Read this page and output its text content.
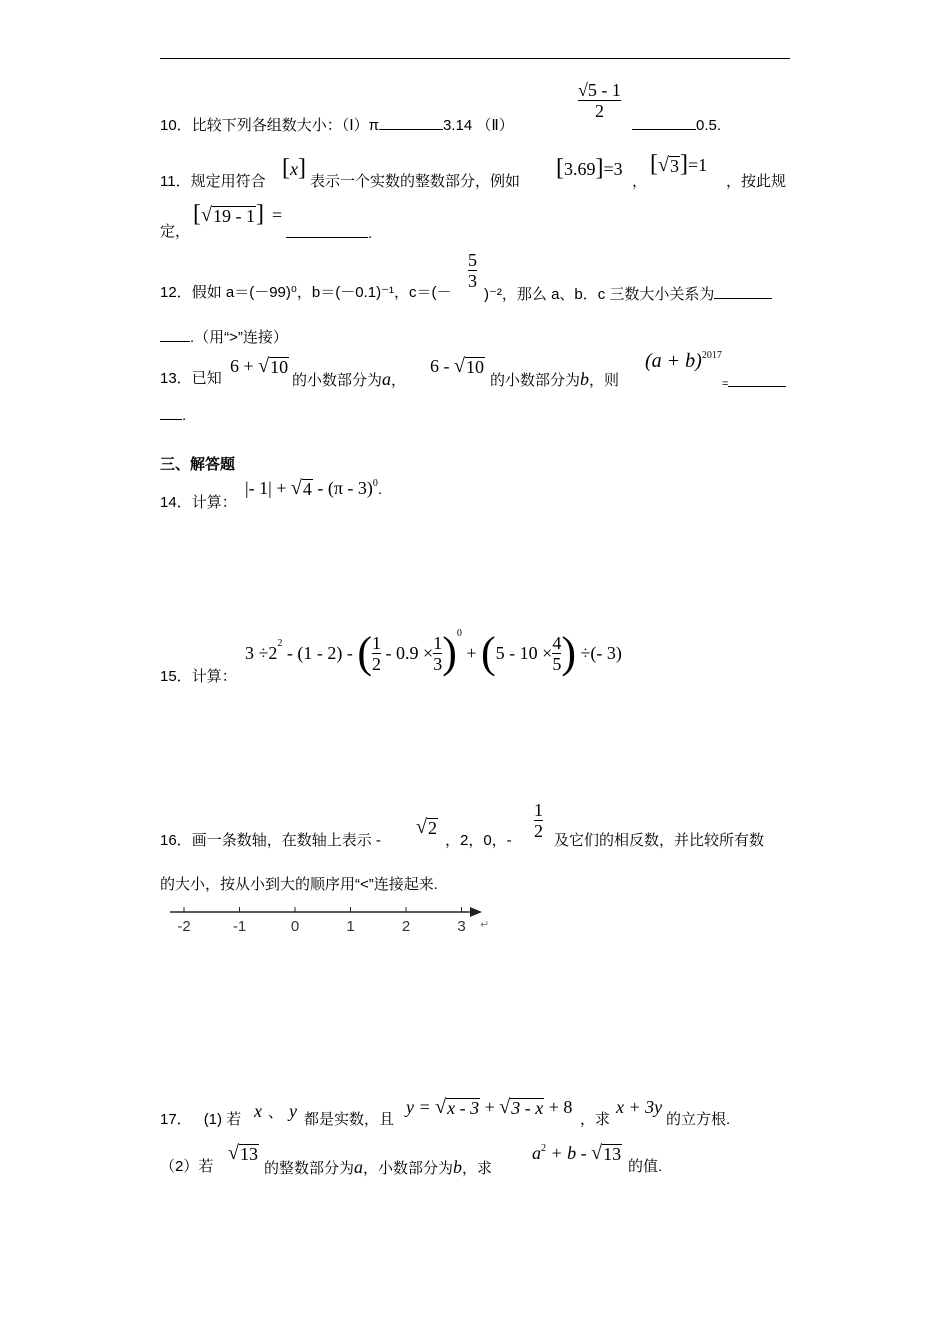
10．比较下列各组数大小：（Ⅰ）π	3.14 （Ⅱ）
√5 - 1
2
0.5.
11．规定用符合
[x]
表示一个实数的整数部分，例如
[3.69]=3
，
[ √ 3 ]=1
，按此规
定，
[ √ 19 - 1 ] =
.
5
3
12．假如 a＝(－99)⁰，b＝(－0.1)⁻¹，c＝(－ )⁻²，那么 a、b．c 三数大小关系为
.（用“>”连接）
13．已知
6 + √ 10
的小数部分为a，
6 - √ 10
的小数部分为b，则
$(a + b)^{2017}$
=
.
三、解答题
14．计算：
|- 1| + √ 4 - (π - 3)$^0$.
$3 \div 2^2 - (1 - 2)$ - ( $\frac{1}{2} - 0.9 \times \frac{1}{3} )^0$
+ ( $5 - 10 \times \frac{4}{5}$ ) ÷(- 3)
15．计算：
16．画一条数轴，在数轴上表示 -
√ 2
，2，0，-
1
2 及它们的相反数，并比较所有数
的大小，按从小到大的顺序用“<”连接起来.
-2	-1	0	1	2	3 ↵
17． (1) 若 x 、 y 都是实数，且
y = √ x - 3 + √ 3 - x + 8
，求
x + 3y
的立方根.
（2）若
√ 13
的整数部分为a，小数部分为b，求
$a^2 + b$ - √ 13
的值.
